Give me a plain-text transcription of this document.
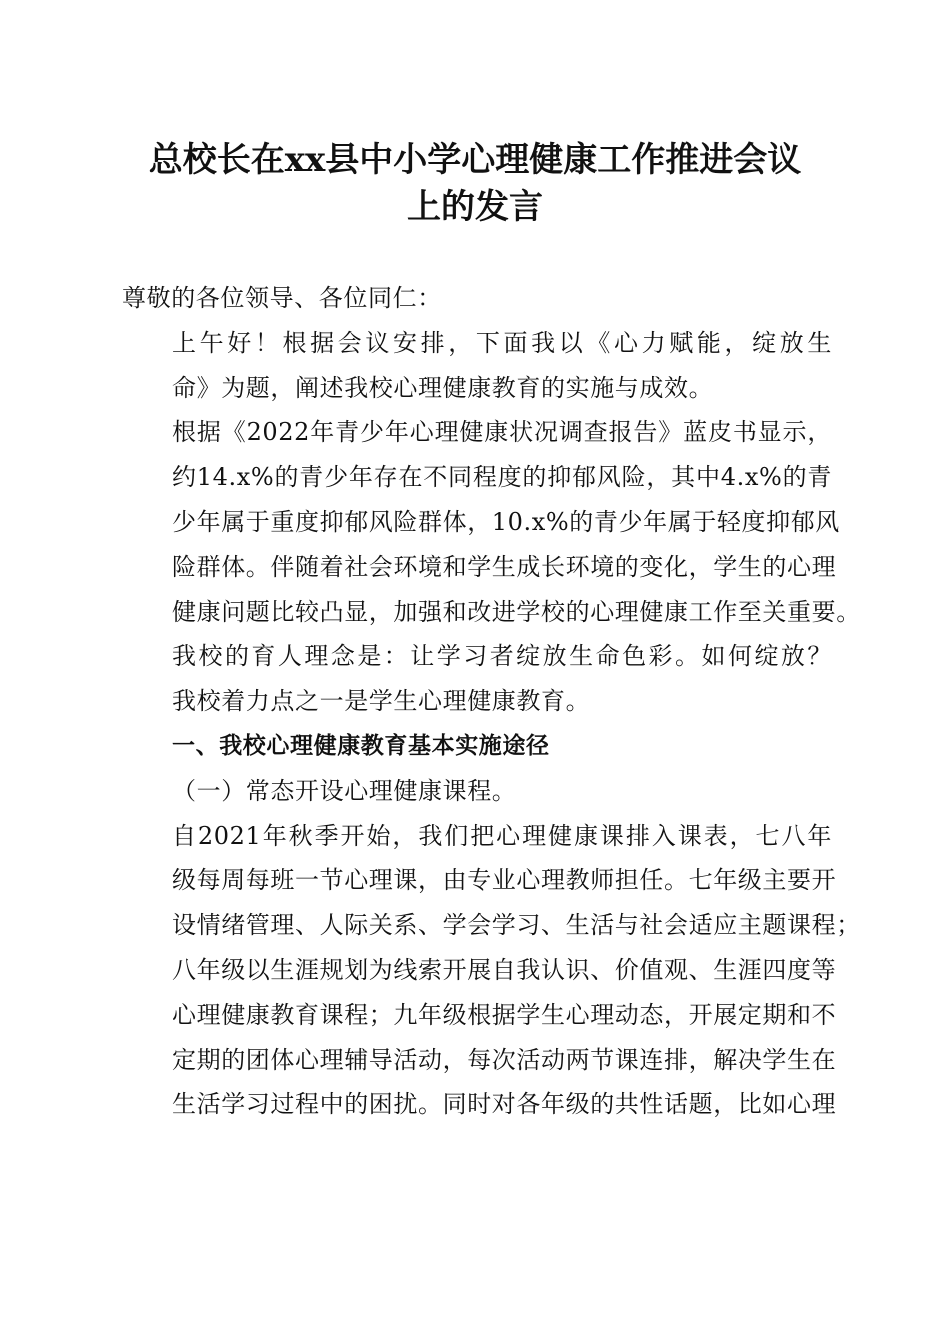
总校长在xx县中小学心理健康工作推进会议
上的发言

尊敬的各位领导、各位同仁：

上午好！根据会议安排，下面我以《心力赋能，绽放生
命》为题，阐述我校心理健康教育的实施与成效。

根据《2022年青少年心理健康状况调查报告》蓝皮书显示，
约14.x%的青少年存在不同程度的抑郁风险，其中4.x%的青
少年属于重度抑郁风险群体，10.x%的青少年属于轻度抑郁风
险群体。伴随着社会环境和学生成长环境的变化，学生的心理
健康问题比较凸显，加强和改进学校的心理健康工作至关重要。

我校的育人理念是：让学习者绽放生命色彩。如何绽放？
我校着力点之一是学生心理健康教育。

一、我校心理健康教育基本实施途径

（一）常态开设心理健康课程。

自2021年秋季开始，我们把心理健康课排入课表，七八年
级每周每班一节心理课，由专业心理教师担任。七年级主要开
设情绪管理、人际关系、学会学习、生活与社会适应主题课程；
八年级以生涯规划为线索开展自我认识、价值观、生涯四度等
心理健康教育课程；九年级根据学生心理动态，开展定期和不
定期的团体心理辅导活动，每次活动两节课连排，解决学生在
生活学习过程中的困扰。同时对各年级的共性话题，比如心理
